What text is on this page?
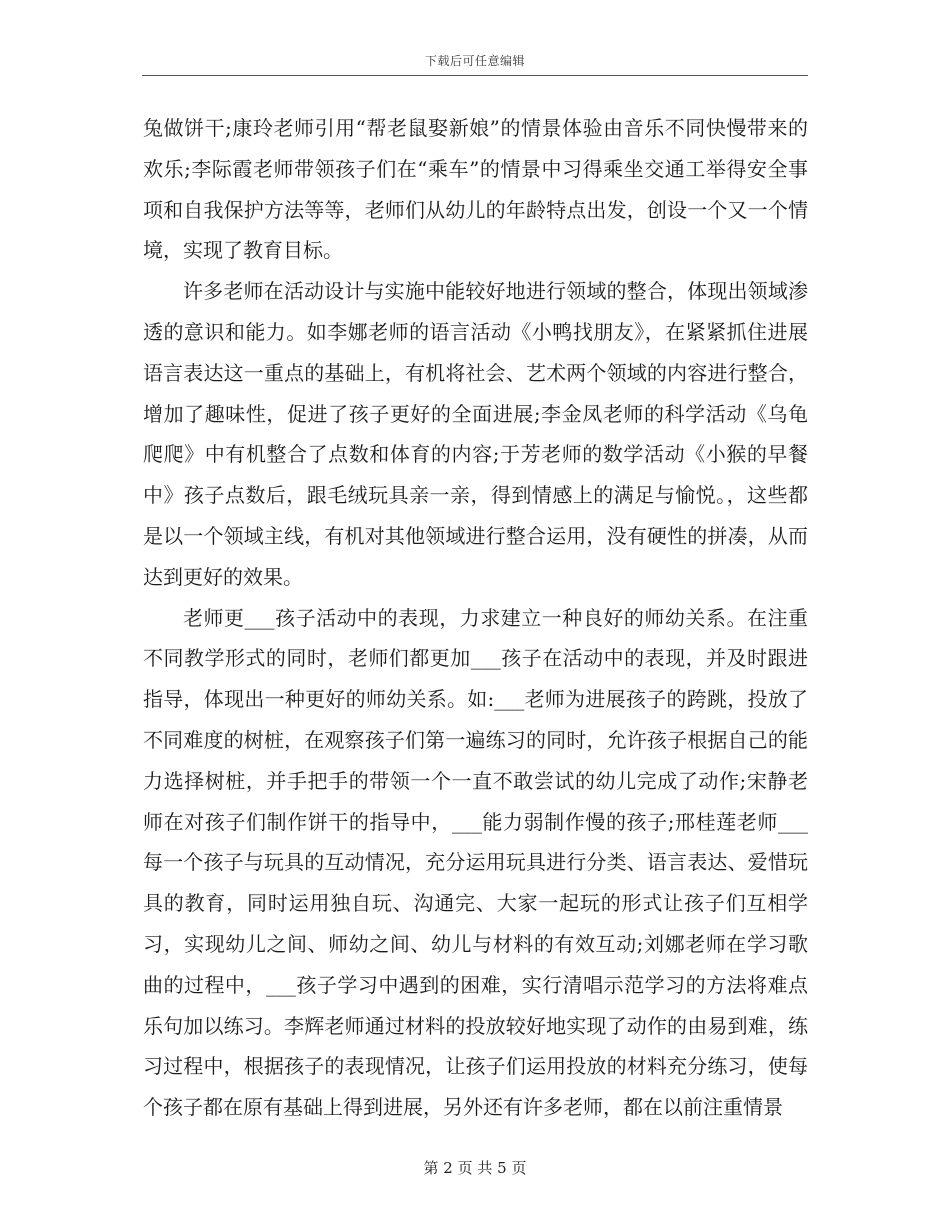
下载后可任意编辑

兔做饼干;康玲老师引用“帮老鼠娶新娘”的情景体验由音乐不同快慢带来的欢乐;李际霞老师带领孩子们在“乘车”的情景中习得乘坐交通工举得安全事项和自我保护方法等等，老师们从幼儿的年龄特点出发，创设一个又一个情境，实现了教育目标。

许多老师在活动设计与实施中能较好地进行领域的整合，体现出领域渗透的意识和能力。如李娜老师的语言活动《小鸭找朋友》，在紧紧抓住进展语言表达这一重点的基础上，有机将社会、艺术两个领域的内容进行整合，增加了趣味性，促进了孩子更好的全面进展;李金凤老师的科学活动《乌龟爬爬》中有机整合了点数和体育的内容;于芳老师的数学活动《小猴的早餐中》孩子点数后，跟毛绒玩具亲一亲，得到情感上的满足与愉悦。，这些都是以一个领域主线，有机对其他领域进行整合运用，没有硬性的拼凑，从而达到更好的效果。

老师更___孩子活动中的表现，力求建立一种良好的师幼关系。在注重不同教学形式的同时，老师们都更加___孩子在活动中的表现，并及时跟进指导，体现出一种更好的师幼关系。如:___老师为进展孩子的跨跳，投放了不同难度的树桩，在观察孩子们第一遍练习的同时，允许孩子根据自己的能力选择树桩，并手把手的带领一个一直不敢尝试的幼儿完成了动作;宋静老师在对孩子们制作饼干的指导中，___能力弱制作慢的孩子;邢桂莲老师___每一个孩子与玩具的互动情况，充分运用玩具进行分类、语言表达、爱惜玩具的教育，同时运用独自玩、沟通完、大家一起玩的形式让孩子们互相学习，实现幼儿之间、师幼之间、幼儿与材料的有效互动;刘娜老师在学习歌曲的过程中，___孩子学习中遇到的困难，实行清唱示范学习的方法将难点乐句加以练习。李辉老师通过材料的投放较好地实现了动作的由易到难，练习过程中，根据孩子的表现情况，让孩子们运用投放的材料充分练习，使每个孩子都在原有基础上得到进展，另外还有许多老师，都在以前注重情景

第 2 页 共 5 页
